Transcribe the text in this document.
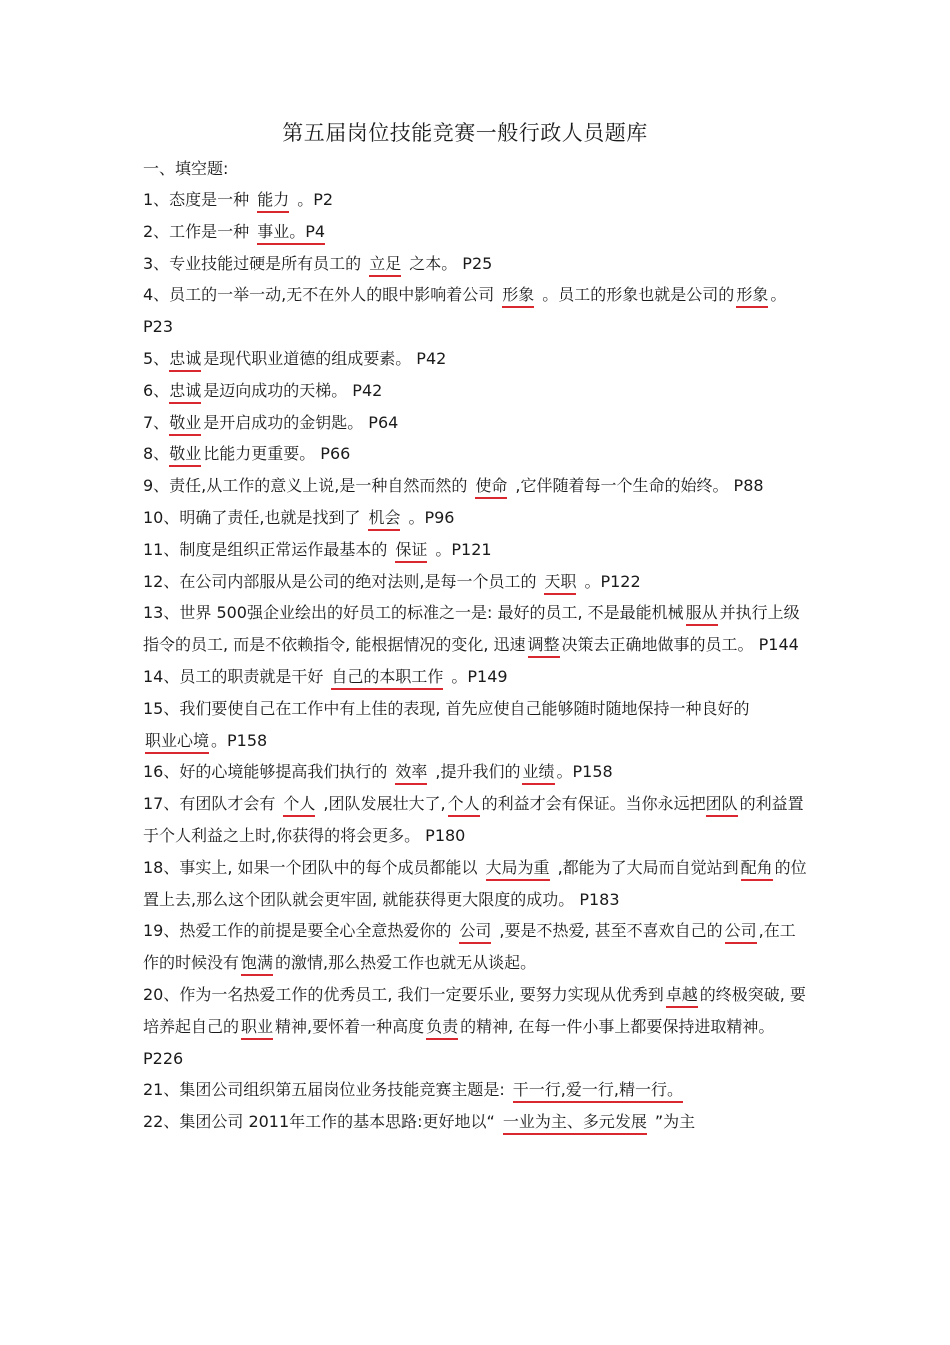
第五届岗位技能竞赛一般行政人员题库
一、填空题:
1、态度是一种 能力 。P2
2、工作是一种 事业。P4
3、专业技能过硬是所有员工的 立足 之本。 P25
4、员工的一举一动,无不在外人的眼中影响着公司 形象 。员工的形象也就是公司的 形象 。P23
5、忠诚 是现代职业道德的组成要素。 P42
6、忠诚 是迈向成功的天梯。 P42
7、敬业 是开启成功的金钥匙。 P64
8、敬业 比能力更重要。 P66
9、责任,从工作的意义上说,是一种自然而然的 使命 ,它伴随着每一个生命的始终。 P88
10、明确了责任,也就是找到了 机会 。P96
11、制度是组织正常运作最基本的 保证 。P121
12、在公司内部服从是公司的绝对法则,是每一个员工的 天职 。P122
13、世界 500强企业绘出的好员工的标准之一是: 最好的员工, 不是最能机械 服从 并执行上级指令的员工, 而是不依赖指令, 能根据情况的变化, 迅速 调整 决策去正确地做事的员工。 P144
14、员工的职责就是干好 自己的本职工作 。P149
15、我们要使自己在工作中有上佳的表现, 首先应使自己能够随时随地保持一种良好的职业心境 。P158
16、好的心境能够提高我们执行的 效率 ,提升我们的 业绩 。P158
17、有团队才会有 个人 ,团队发展壮大了, 个人 的利益才会有保证。当你永远把团队 的利益置于个人利益之上时,你获得的将会更多。 P180
18、事实上, 如果一个团队中的每个成员都能以 大局为重 ,都能为了大局而自觉站到 配角 的位置上去,那么这个团队就会更牢固, 就能获得更大限度的成功。 P183
19、热爱工作的前提是要全心全意热爱你的 公司 ,要是不热爱, 甚至不喜欢自己的 公司 ,在工作的时候没有 饱满 的激情,那么热爱工作也就无从谈起。
20、作为一名热爱工作的优秀员工, 我们一定要乐业, 要努力实现从优秀到 卓越 的终极突破, 要培养起自己的 职业 精神,要怀着一种高度 负责 的精神, 在每一件小事上都要保持进取精神。 P226
21、集团公司组织第五届岗位业务技能竞赛主题是: 干一行,爱一行,精一行。
22、集团公司 2011年工作的基本思路:更好地以“ 一业为主、多元发展 ”为主
